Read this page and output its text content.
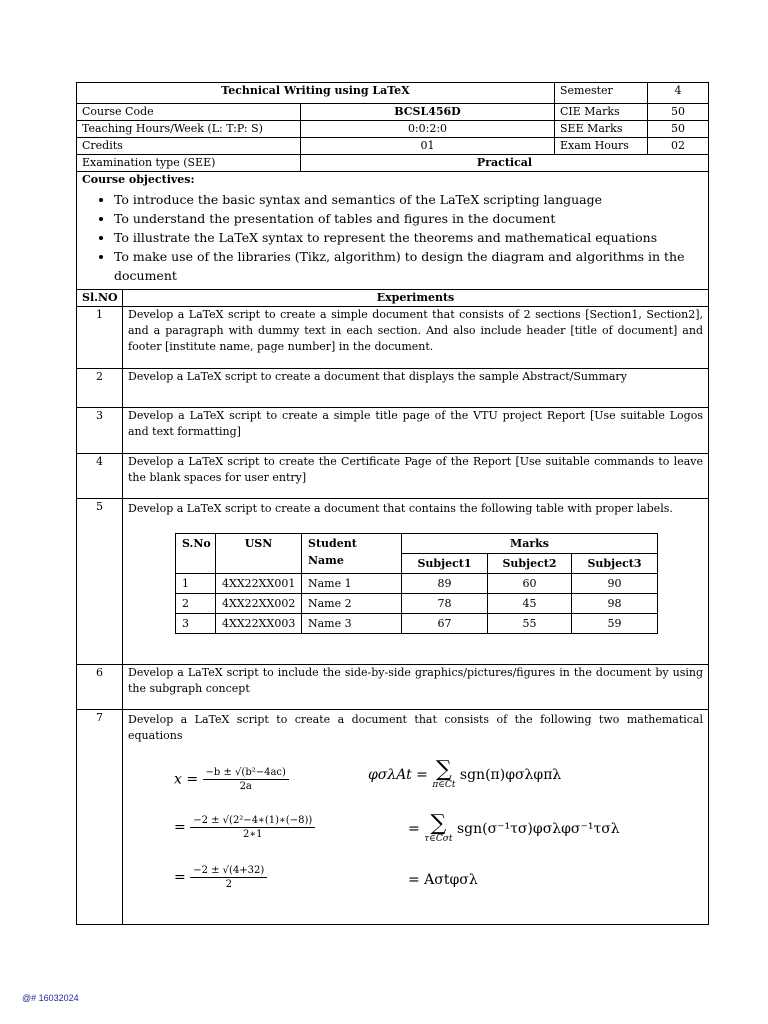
Technical Writing using LaTeX	Semester	4
Course Code	BCSL456D	CIE Marks	50
Teaching Hours/Week (L: T:P: S)	0:0:2:0	SEE Marks	50
Credits	01	Exam Hours	02
Examination type (SEE)	Practical

Course objectives:
• To introduce the basic syntax and semantics of the LaTeX scripting language
• To understand the presentation of tables and figures in the document
• To illustrate the LaTeX syntax to represent the theorems and mathematical equations
• To make use of the libraries (Tikz, algorithm) to design the diagram and algorithms in the document

Sl.NO	Experiments
1	Develop a LaTeX script to create a simple document that consists of 2 sections [Section1, Section2], and a paragraph with dummy text in each section. And also include header [title of document] and footer [institute name, page number] in the document.
2	Develop a LaTeX script to create a document that displays the sample Abstract/Summary
3	Develop a LaTeX script to create a simple title page of the VTU project Report [Use suitable Logos and text formatting]
4	Develop a LaTeX script to create the Certificate Page of the Report [Use suitable commands to leave the blank spaces for user entry]
5	Develop a LaTeX script to create a document that contains the following table with proper labels.
S.No	USN	Student Name	Marks
Subject1	Subject2	Subject3
1	4XX22XX001	Name 1	89	60	90
2	4XX22XX002	Name 2	78	45	98
3	4XX22XX003	Name 3	67	55	59

6	Develop a LaTeX script to include the side-by-side graphics/pictures/figures in the document by using the subgraph concept
7	Develop a LaTeX script to create a document that consists of the following two mathematical equations
$x = \frac{\text{−b ± √(b²−4ac)}}{2a}$
= $\frac{\text{−2 ± √(2²−4∗(1)∗(−8))}}{2∗1}$
= $\frac{-2 \pm √(4+32)}{2}$
φσλAt = ∑
π∈Ct
sgn(π)φσλφπλ
= ∑
τ∈Cσt
sgn(σ⁻¹τσ)φσλφσ⁻¹τσλ
= Aσtφσλ
@# 16032024
